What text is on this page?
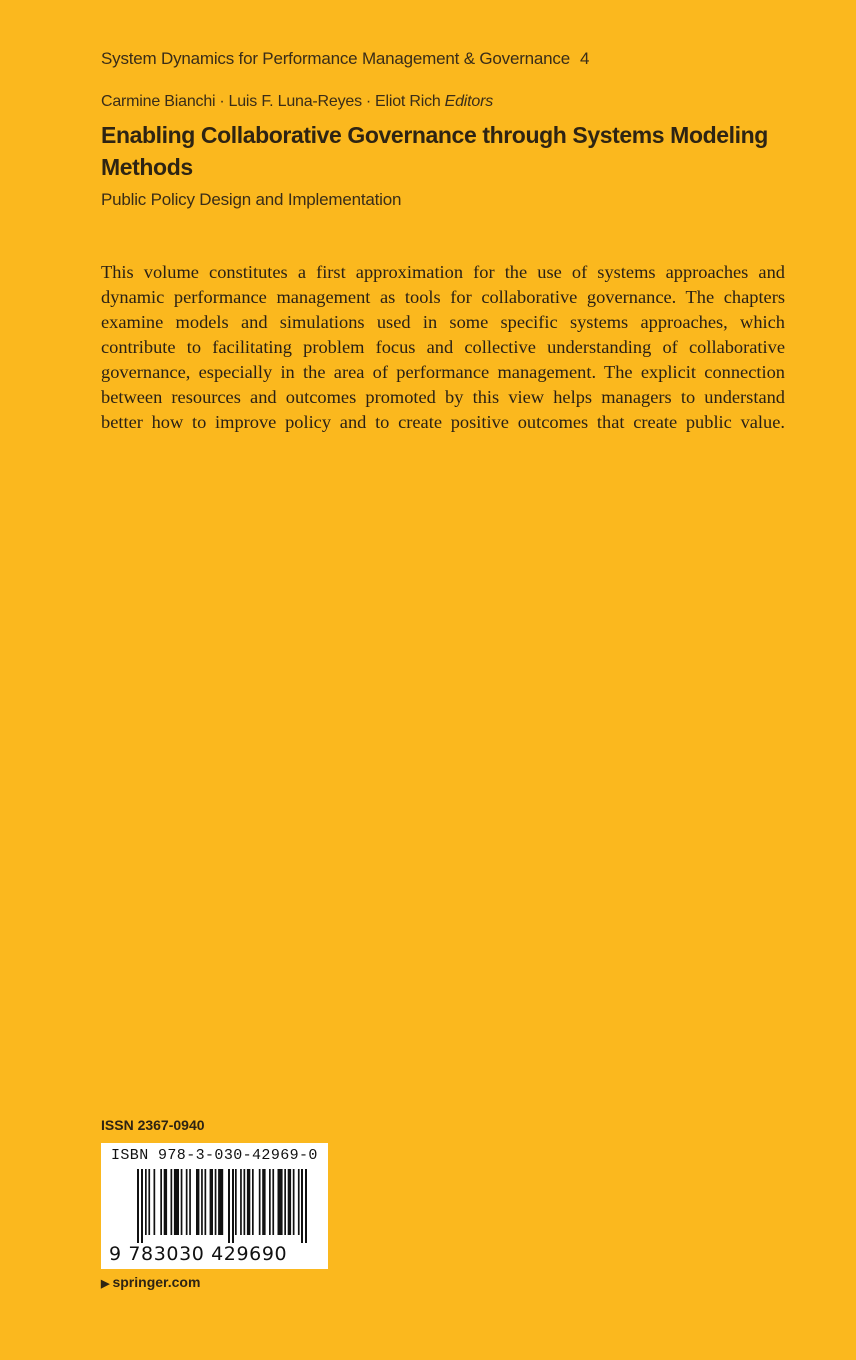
System Dynamics for Performance Management & Governance 4
Carmine Bianchi · Luis F. Luna-Reyes · Eliot Rich Editors
Enabling Collaborative Governance through Systems Modeling Methods
Public Policy Design and Implementation
This volume constitutes a first approximation for the use of systems approaches and
dynamic performance management as tools for collaborative governance. The chapters
examine models and simulations used in some specific systems approaches, which
contribute to facilitating problem focus and collective understanding of collaborative
governance, especially in the area of performance management. The explicit connection
between resources and outcomes promoted by this view helps managers to understand
better how to improve policy and to create positive outcomes that create public value.
ISSN 2367-0940
ISBN 978-3-030-42969-0
9 783030 429690
▶ springer.com
